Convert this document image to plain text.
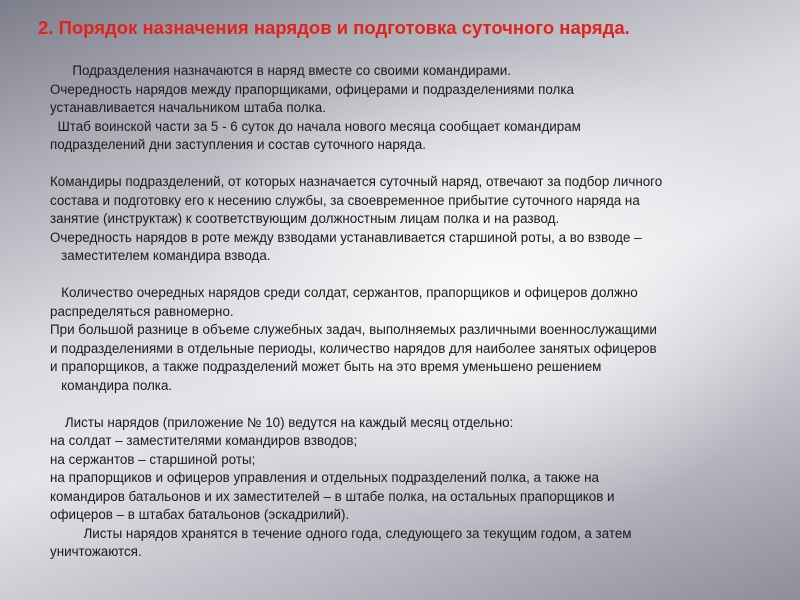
2. Порядок назначения нарядов и подготовка суточного наряда.
Подразделения назначаются в наряд вместе со своими командирами.
Очередность нарядов между прапорщиками, офицерами и подразделениями полка
устанавливается начальником штаба полка.
Штаб воинской части за 5 - 6 суток до начала нового месяца сообщает командирам
подразделений дни заступления и состав суточного наряда.
Командиры подразделений, от которых назначается суточный наряд, отвечают за подбор личного
состава и подготовку его к несению службы, за своевременное прибытие суточного наряда на
занятие (инструктаж) к соответствующим должностным лицам полка и на развод.
Очередность нарядов в роте между взводами устанавливается старшиной роты, а во взводе –
заместителем командира взвода.
Количество очередных нарядов среди солдат, сержантов, прапорщиков и офицеров должно
распределяться равномерно.
При большой разнице в объеме служебных задач, выполняемых различными военнослужащими
и подразделениями в отдельные периоды, количество нарядов для наиболее занятых офицеров
и прапорщиков, а также подразделений может быть на это время уменьшено решением
командира полка.
Листы нарядов (приложение № 10) ведутся на каждый месяц отдельно:
на солдат – заместителями командиров взводов;
на сержантов – старшиной роты;
на прапорщиков и офицеров управления и отдельных подразделений полка, а также на
командиров батальонов и их заместителей – в штабе полка, на остальных прапорщиков и
офицеров – в штабах батальонов (эскадрилий).
Листы нарядов хранятся в течение одного года, следующего за текущим годом, а затем
уничтожаются.
